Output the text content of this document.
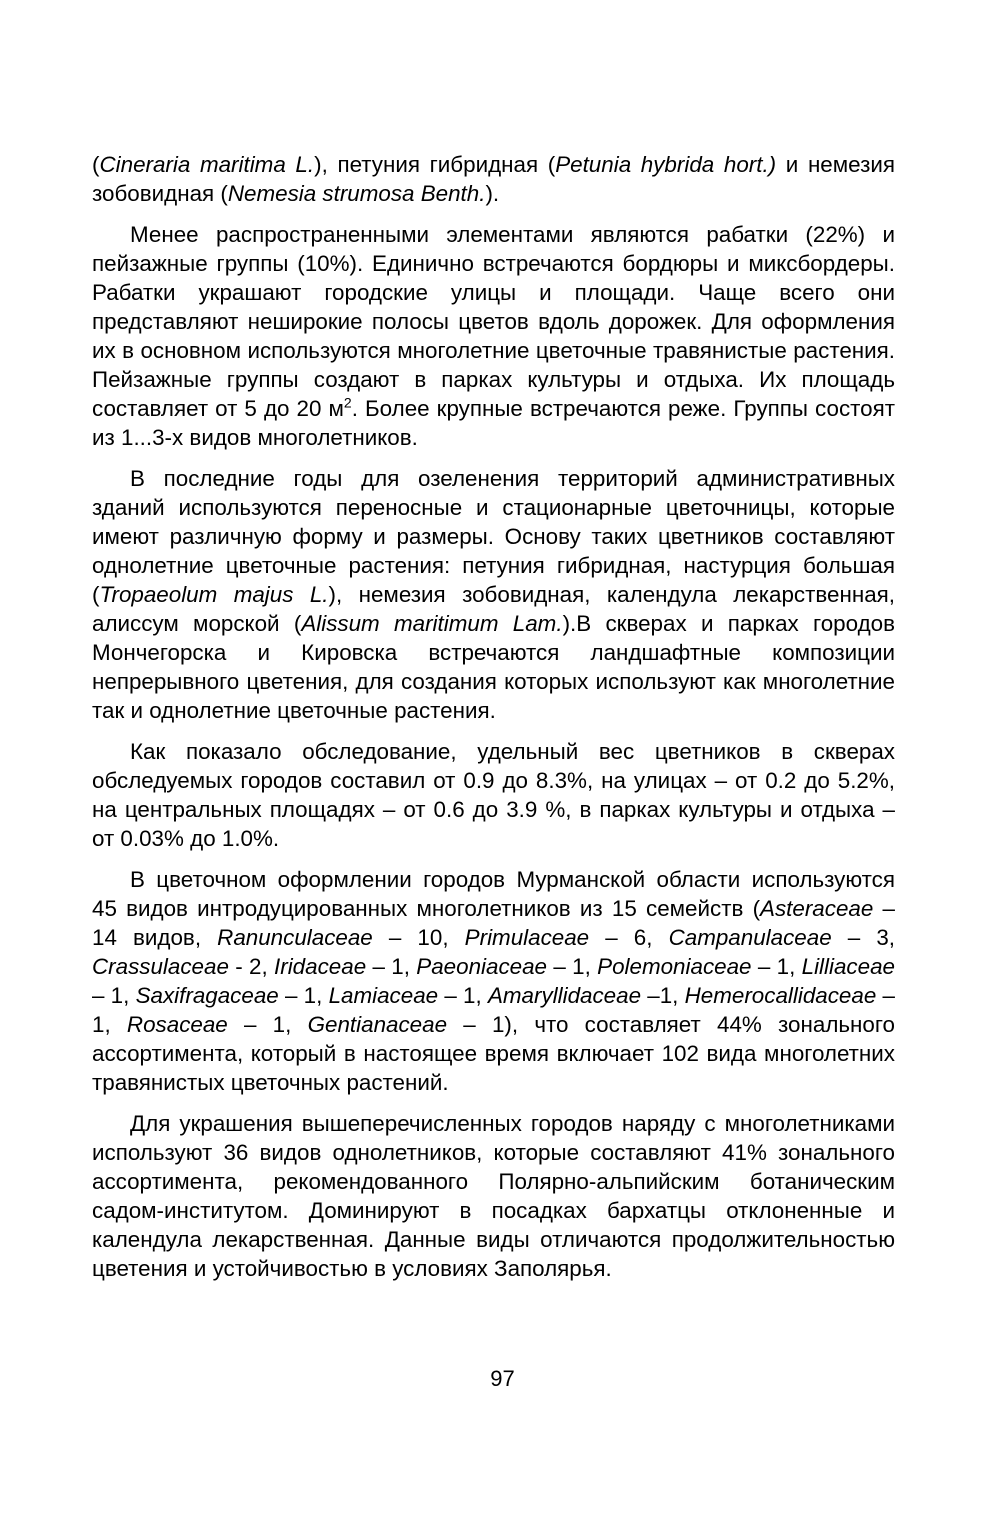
(Cineraria maritima L.), петуния гибридная (Petunia hybrida hort.) и немезия зобовидная (Nemesia strumosa Benth.).

Менее распространенными элементами являются рабатки (22%) и пейзажные группы (10%). Единично встречаются бордюры и миксбордеры. Рабатки украшают городские улицы и площади. Чаще всего они представляют неширокие полосы цветов вдоль дорожек. Для оформления их в основном используются многолетние цветочные травянистые растения. Пейзажные группы создают в парках культуры и отдыха. Их площадь составляет от 5 до 20 $м^2$. Более крупные встречаются реже. Группы состоят из 1...3-х видов многолетников.

В последние годы для озеленения территорий административных зданий используются переносные и стационарные цветочницы, которые имеют различную форму и размеры. Основу таких цветников составляют однолетние цветочные растения: петуния гибридная, настурция большая (Tropaeolum majus L.), немезия зобовидная, календула лекарственная, алиссум морской (Alissum maritimum Lam.).В скверах и парках городов Мончегорска и Кировска встречаются ландшафтные композиции непрерывного цветения, для создания которых используют как многолетние так и однолетние цветочные растения.

Как показало обследование, удельный вес цветников в скверах обследуемых городов составил от 0.9 до 8.3%, на улицах – от 0.2 до 5.2%, на центральных площадях – от 0.6 до 3.9 %, в парках культуры и отдыха – от 0.03% до 1.0%.

В цветочном оформлении городов Мурманской области используются 45 видов интродуцированных многолетников из 15 семейств (Asteraceae – 14 видов, Ranunculaceae – 10, Primulaceae – 6, Campanulaceae – 3, Crassulaceae - 2, Iridaceae – 1, Paeoniaceae – 1, Polemoniaceae – 1, Lilliaceae – 1, Saxifragaceae – 1, Lamiaceae – 1, Amaryllidaceae –1, Hemerocallidaceae – 1, Rosaceae – 1, Gentianaceae – 1), что составляет 44% зонального ассортимента, который в настоящее время включает 102 вида многолетних травянистых цветочных растений.

Для украшения вышеперечисленных городов наряду с многолетниками используют 36 видов однолетников, которые составляют 41% зонального ассортимента, рекомендованного Полярно-альпийским ботаническим садом-институтом. Доминируют в посадках бархатцы отклоненные и календула лекарственная. Данные виды отличаются продолжительностью цветения и устойчивостью в условиях Заполярья.

97
